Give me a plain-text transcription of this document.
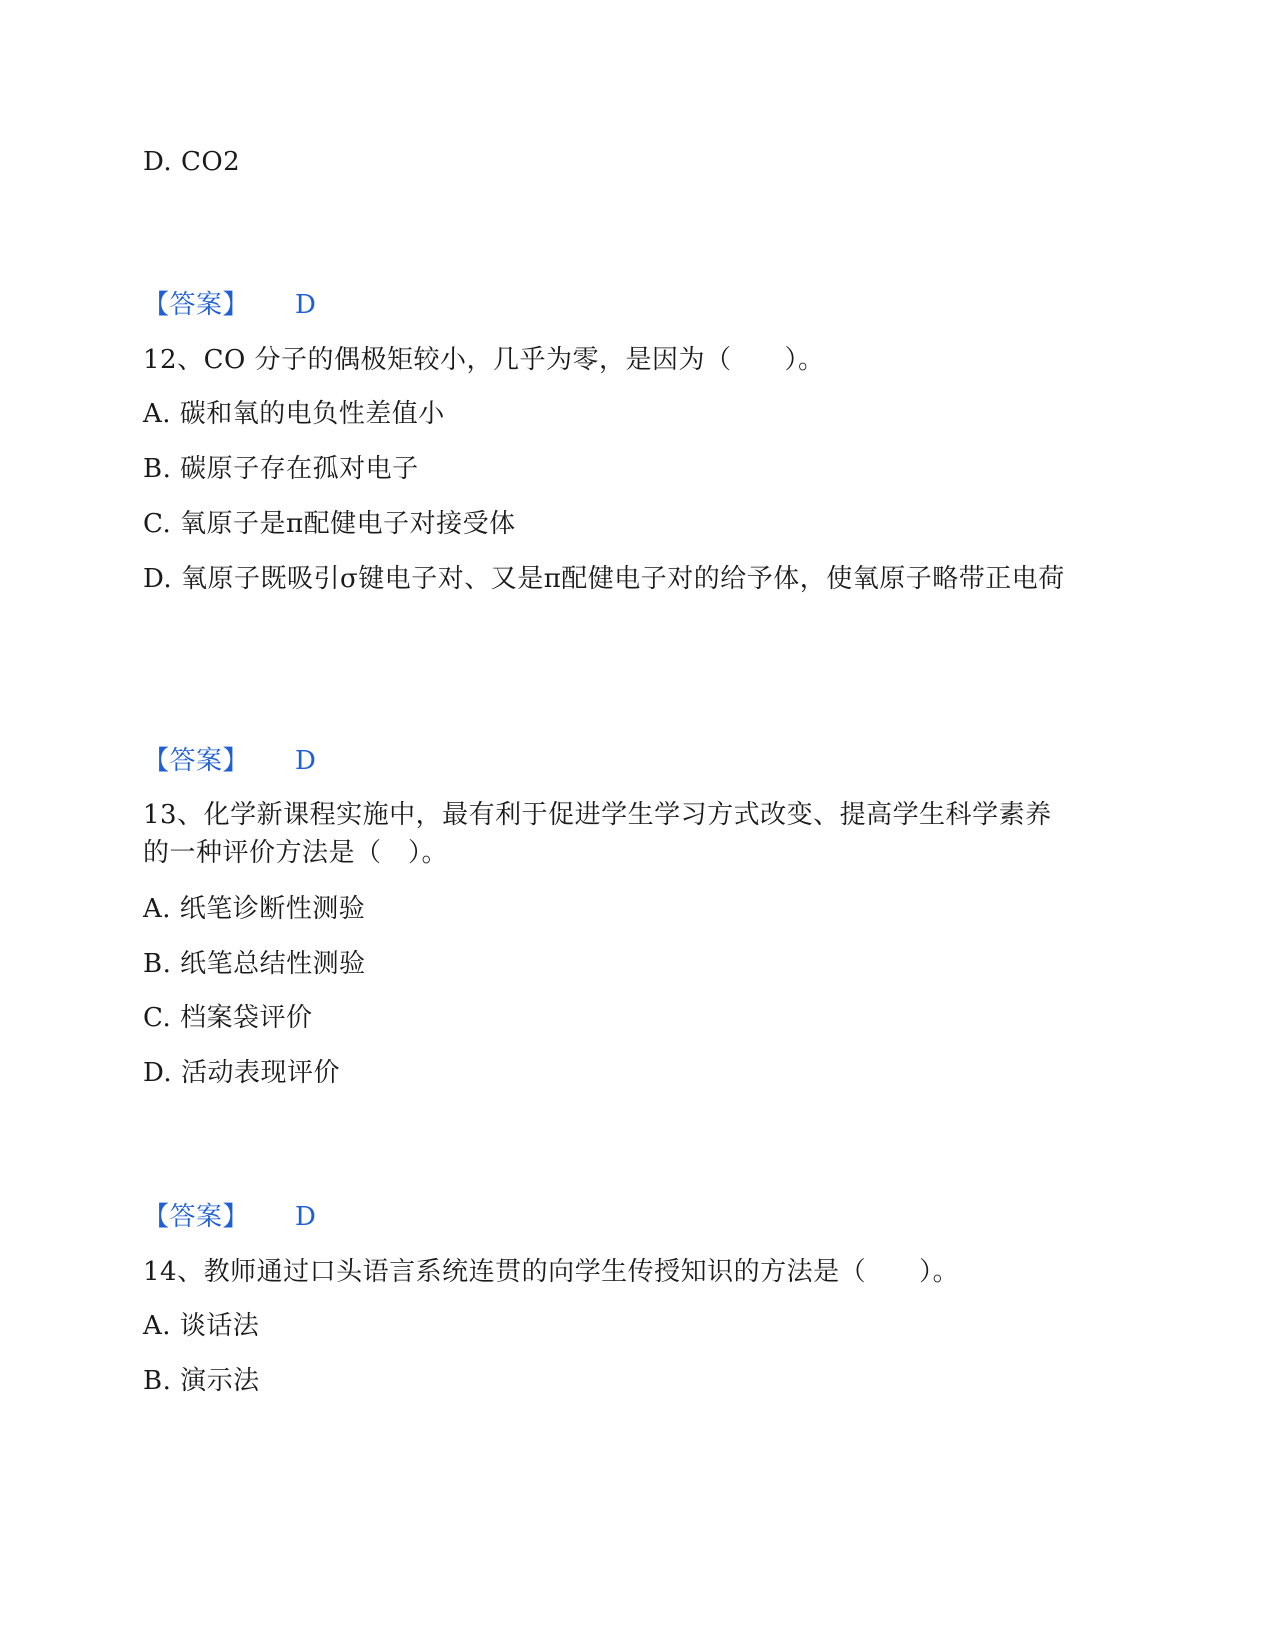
D. CO2
【答案】 D
12、CO 分子的偶极矩较小，几乎为零，是因为（　　）。
A. 碳和氧的电负性差值小
B. 碳原子存在孤对电子
C. 氧原子是π配健电子对接受体
D. 氧原子既吸引σ键电子对、又是π配健电子对的给予体，使氧原子略带正电荷
【答案】 D
13、化学新课程实施中，最有利于促进学生学习方式改变、提高学生科学素养的一种评价方法是（　）。
A. 纸笔诊断性测验
B. 纸笔总结性测验
C. 档案袋评价
D. 活动表现评价
【答案】 D
14、教师通过口头语言系统连贯的向学生传授知识的方法是（　　）。
A. 谈话法
B. 演示法
